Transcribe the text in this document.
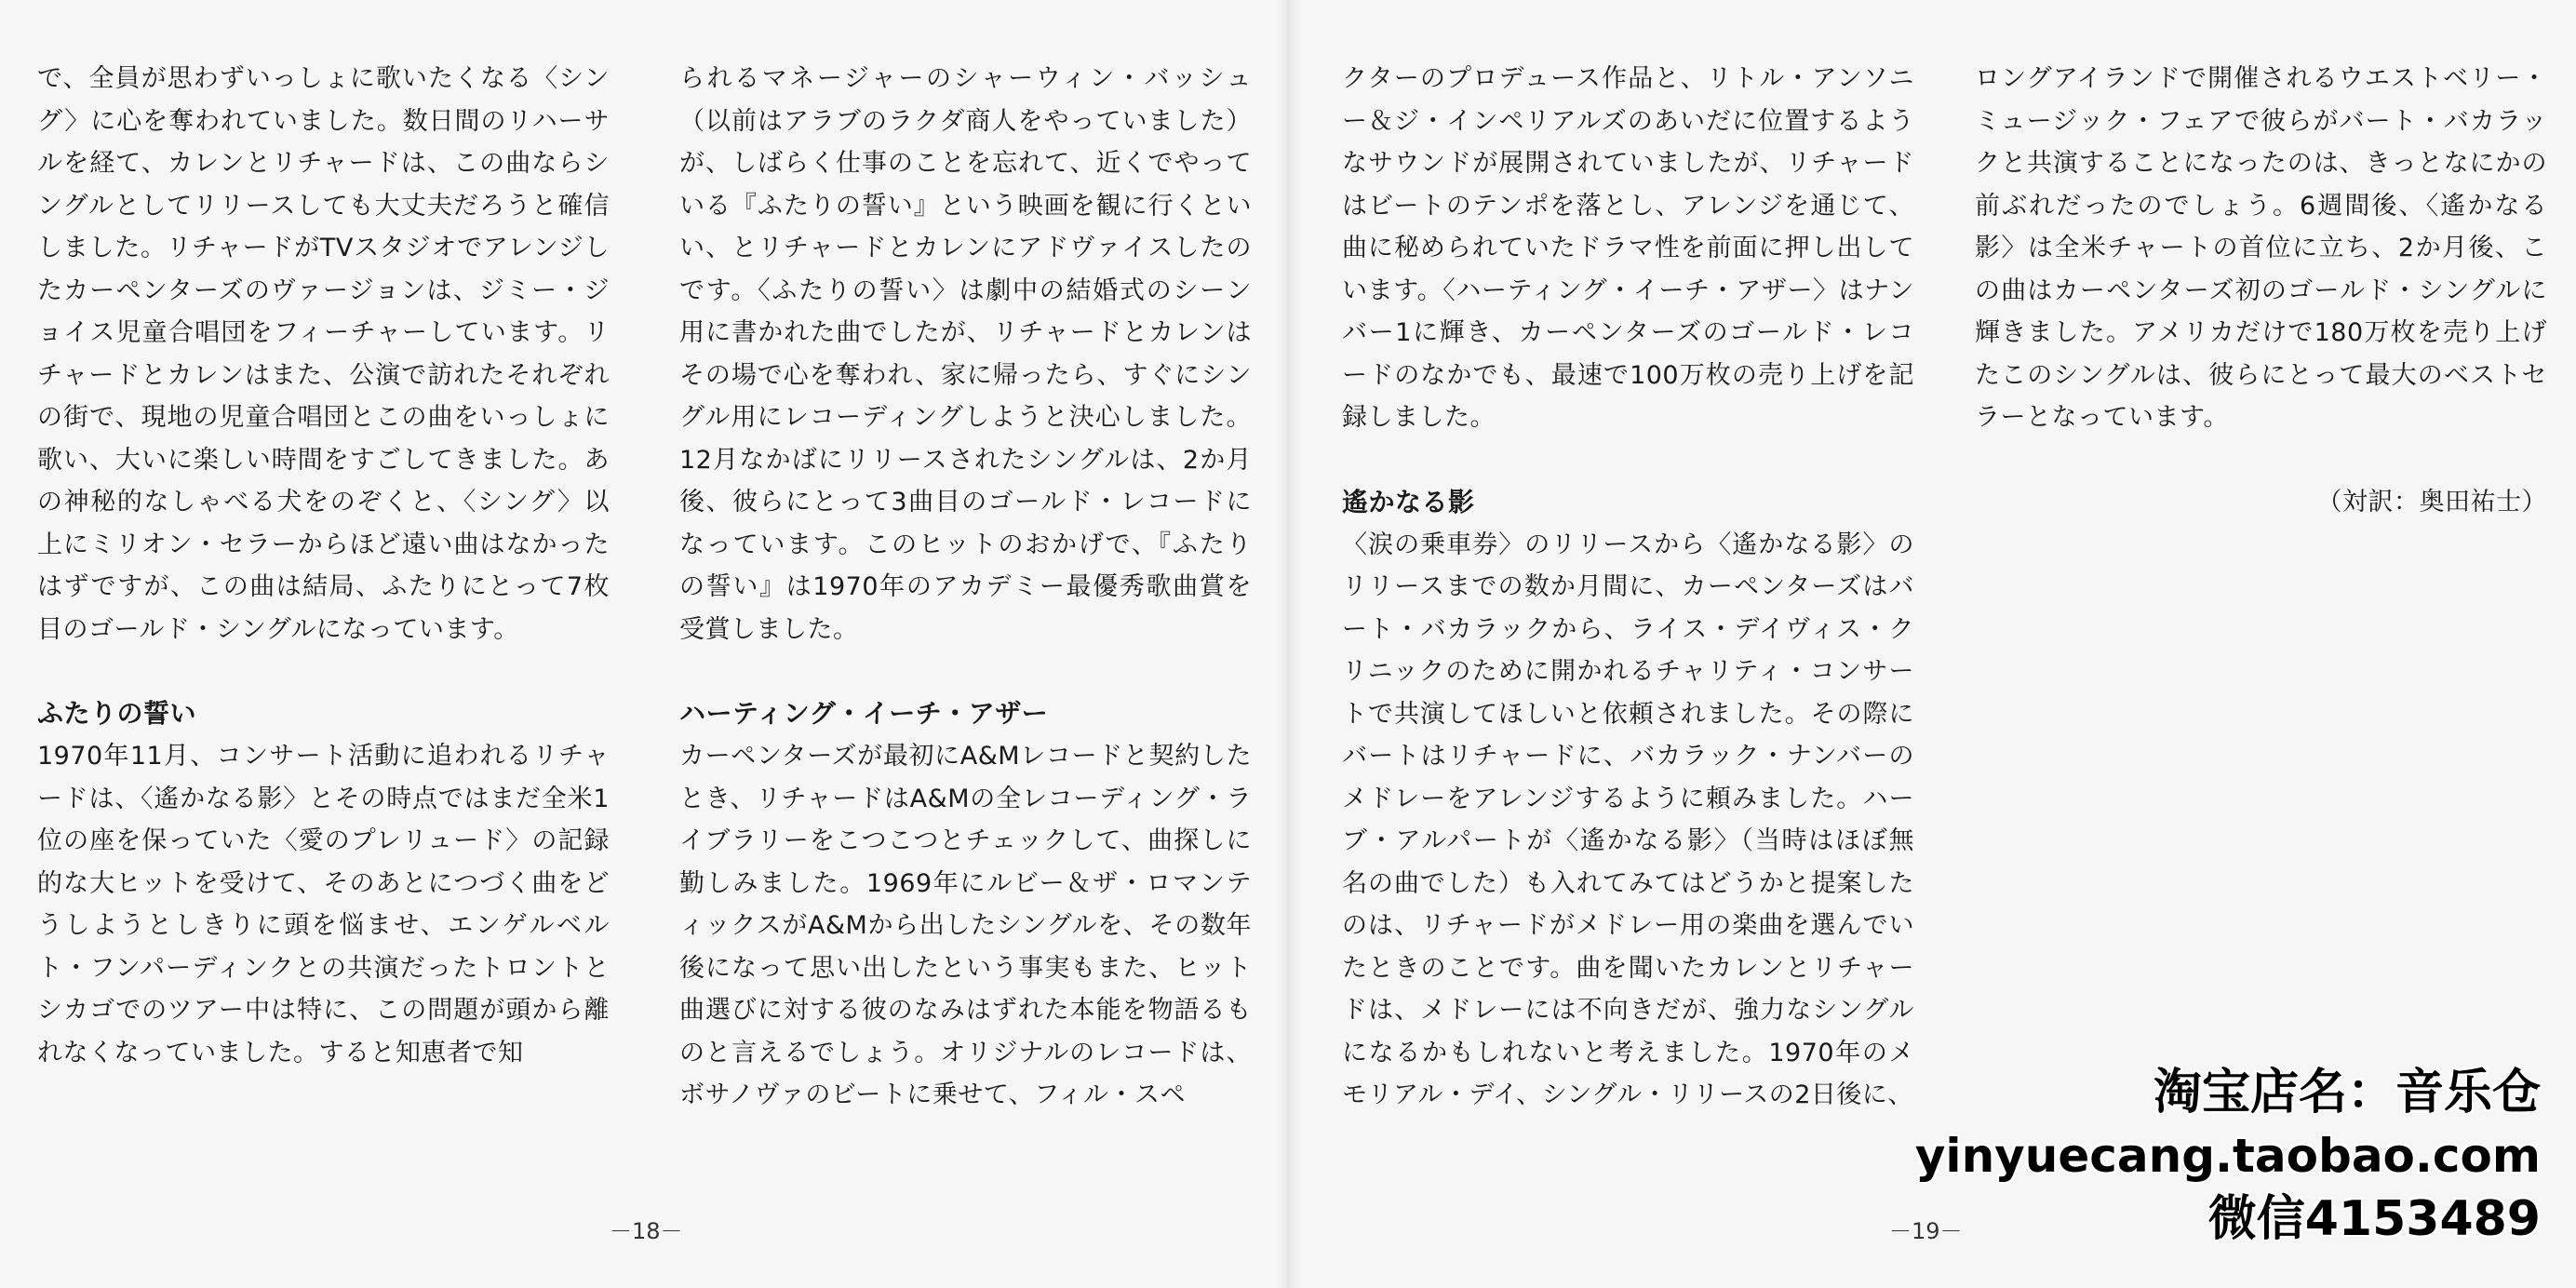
で、全員が思わずいっしょに歌いたくなる〈シング〉に心を奪われていました。数日間のリハーサルを経て、カレンとリチャードは、この曲ならシングルとしてリリースしても大丈夫だろうと確信しました。リチャードがTVスタジオでアレンジしたカーペンターズのヴァージョンは、ジミー・ジョイス児童合唱団をフィーチャーしています。リチャードとカレンはまた、公演で訪れたそれぞれの街で、現地の児童合唱団とこの曲をいっしょに歌い、大いに楽しい時間をすごしてきました。あの神秘的なしゃべる犬をのぞくと、〈シング〉以上にミリオン・セラーからほど遠い曲はなかったはずですが、この曲は結局、ふたりにとって7枚目のゴールド・シングルになっています。

ふたりの誓い

1970年11月、コンサート活動に追われるリチャードは、〈遙かなる影〉とその時点ではまだ全米1位の座を保っていた〈愛のプレリュード〉の記録的な大ヒットを受けて、そのあとにつづく曲をどうしようとしきりに頭を悩ませ、エンゲルベルト・フンパーディンクとの共演だったトロントとシカゴでのツアー中は特に、この問題が頭から離れなくなっていました。すると知恵者で知

られるマネージャーのシャーウィン・バッシュ（以前はアラブのラクダ商人をやっていました）が、しばらく仕事のことを忘れて、近くでやっている『ふたりの誓い』という映画を観に行くといい、とリチャードとカレンにアドヴァイスしたのです。〈ふたりの誓い〉は劇中の結婚式のシーン用に書かれた曲でしたが、リチャードとカレンはその場で心を奪われ、家に帰ったら、すぐにシングル用にレコーディングしようと決心しました。12月なかばにリリースされたシングルは、2か月後、彼らにとって3曲目のゴールド・レコードになっています。このヒットのおかげで、『ふたりの誓い』は1970年のアカデミー最優秀歌曲賞を受賞しました。

ハーティング・イーチ・アザー

カーペンターズが最初にA&Mレコードと契約したとき、リチャードはA&Mの全レコーディング・ライブラリーをこつこつとチェックして、曲探しに勤しみました。1969年にルビー＆ザ・ロマンティックスがA&Mから出したシングルを、その数年後になって思い出したという事実もまた、ヒット曲選びに対する彼のなみはずれた本能を物語るものと言えるでしょう。オリジナルのレコードは、ボサノヴァのビートに乗せて、フィル・スペ

－18－

クターのプロデュース作品と、リトル・アンソニー＆ジ・インペリアルズのあいだに位置するようなサウンドが展開されていましたが、リチャードはビートのテンポを落とし、アレンジを通じて、曲に秘められていたドラマ性を前面に押し出しています。〈ハーティング・イーチ・アザー〉はナンバー1に輝き、カーペンターズのゴールド・レコードのなかでも、最速で100万枚の売り上げを記録しました。

遙かなる影

〈涙の乗車券〉のリリースから〈遙かなる影〉のリリースまでの数か月間に、カーペンターズはバート・バカラックから、ライス・デイヴィス・クリニックのために開かれるチャリティ・コンサートで共演してほしいと依頼されました。その際にバートはリチャードに、バカラック・ナンバーのメドレーをアレンジするように頼みました。ハーブ・アルパートが〈遙かなる影〉（当時はほぼ無名の曲でした）も入れてみてはどうかと提案したのは、リチャードがメドレー用の楽曲を選んでいたときのことです。曲を聞いたカレンとリチャードは、メドレーには不向きだが、強力なシングルになるかもしれないと考えました。1970年のメモリアル・デイ、シングル・リリースの2日後に、

ロングアイランドで開催されるウエストベリー・ミュージック・フェアで彼らがバート・バカラックと共演することになったのは、きっとなにかの前ぶれだったのでしょう。6週間後、〈遙かなる影〉は全米チャートの首位に立ち、2か月後、この曲はカーペンターズ初のゴールド・シングルに輝きました。アメリカだけで180万枚を売り上げたこのシングルは、彼らにとって最大のベストセラーとなっています。

（対訳：奥田祐士）

－19－
淘宝店名：音乐仓
yinyuecang.taobao.com
微信4153489
